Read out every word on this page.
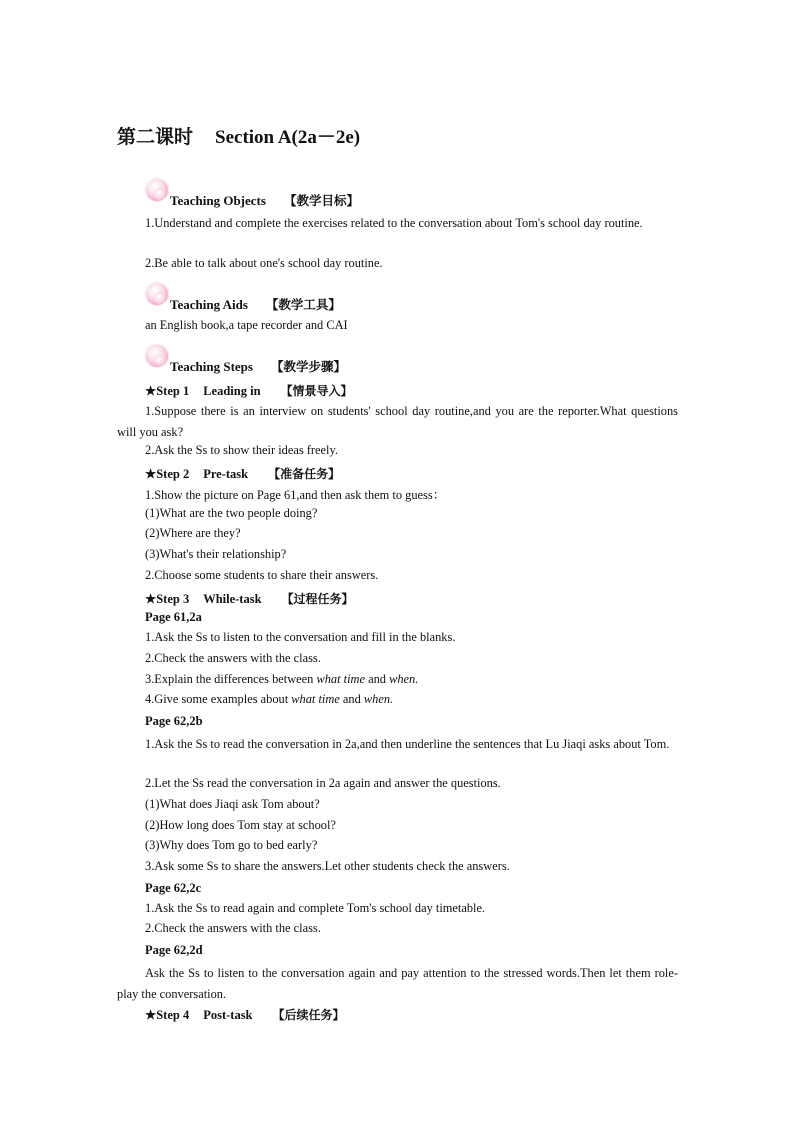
第二课时 Section A(2a－2e)
Teaching Objects 【教学目标】
1.Understand and complete the exercises related to the conversation about Tom's school day routine.
2.Be able to talk about one's school day routine.
Teaching Aids 【教学工具】
an English book,a tape recorder and CAI
Teaching Steps 【教学步骤】
★Step 1 Leading in 【情景导入】
1.Suppose there is an interview on students' school day routine,and you are the reporter.What questions will you ask?
2.Ask the Ss to show their ideas freely.
★Step 2 Pre-task 【准备任务】
1.Show the picture on Page 61,and then ask them to guess：
(1)What are the two people doing?
(2)Where are they?
(3)What's their relationship?
2.Choose some students to share their answers.
★Step 3 While-task 【过程任务】
Page 61,2a
1.Ask the Ss to listen to the conversation and fill in the blanks.
2.Check the answers with the class.
3.Explain the differences between what time and when.
4.Give some examples about what time and when.
Page 62,2b
1.Ask the Ss to read the conversation in 2a,and then underline the sentences that Lu Jiaqi asks about Tom.
2.Let the Ss read the conversation in 2a again and answer the questions.
(1)What does Jiaqi ask Tom about?
(2)How long does Tom stay at school?
(3)Why does Tom go to bed early?
3.Ask some Ss to share the answers.Let other students check the answers.
Page 62,2c
1.Ask the Ss to read again and complete Tom's school day timetable.
2.Check the answers with the class.
Page 62,2d
Ask the Ss to listen to the conversation again and pay attention to the stressed words.Then let them role-play the conversation.
★Step 4 Post-task 【后续任务】
